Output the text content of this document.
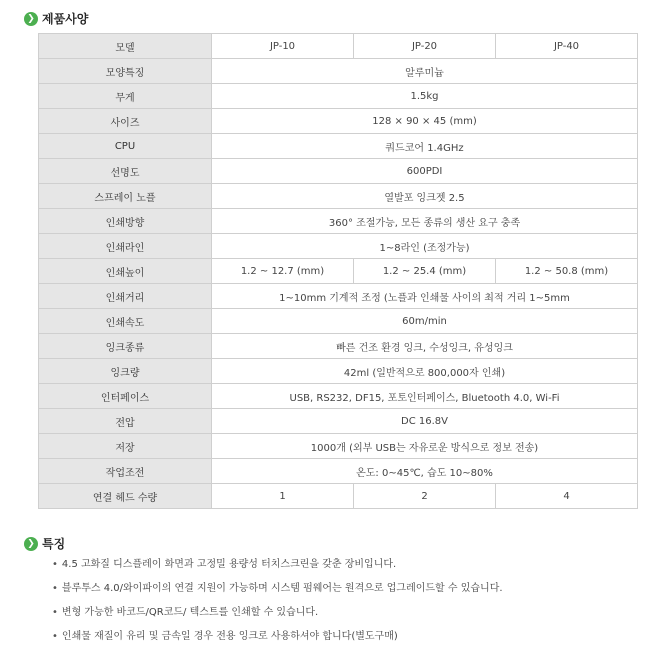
❯ 제품사양
모델	JP-10	JP-20	JP-40
모양특징	알루미늄		
무게	1.5kg		
사이즈	128 × 90 × 45 (mm)		
CPU	쿼드코어 1.4GHz		
선명도	600PDI		
스프레이 노플	열발포 잉크젯 2.5		
인쇄방향	360° 조절가능, 모든 종류의 생산 요구 충족		
인쇄라인	1~8라인 (조정가능)		
인쇄높이	1.2 ~ 12.7 (mm)	1.2 ~ 25.4 (mm)	1.2 ~ 50.8 (mm)
인쇄거리	1~10mm 기계적 조정 (노플과 인쇄물 사이의 최적 거리 1~5mm		
인쇄속도	60m/min		
잉크종류	빠른 건조 환경 잉크, 수성잉크, 유성잉크		
잉크량	42ml (일반적으로 800,000자 인쇄)		
인터페이스	USB, RS232, DF15, 포토인터페이스, Bluetooth 4.0, Wi-Fi		
전압	DC 16.8V		
저장	1000개 (외부 USB는 자유로운 방식으로 정보 전송)		
작업조전	온도: 0~45℃, 습도 10~80%		
연결 헤드 수량	1	2	4
❯ 특징
• 4.5 고화질 디스플레이 화면과 고정밀 용량성 터치스크린을 갖춘 장비입니다.
• 블루투스 4.0/와이파이의 연결 지원이 가능하며 시스템 펌웨어는 원격으로 업그레이드할 수 있습니다.
• 변형 가능한 바코드/QR코드/ 텍스트를 인쇄할 수 있습니다.
• 인쇄물 재질이 유리 및 금속일 경우 전용 잉크로 사용하셔야 합니다(별도구매)
